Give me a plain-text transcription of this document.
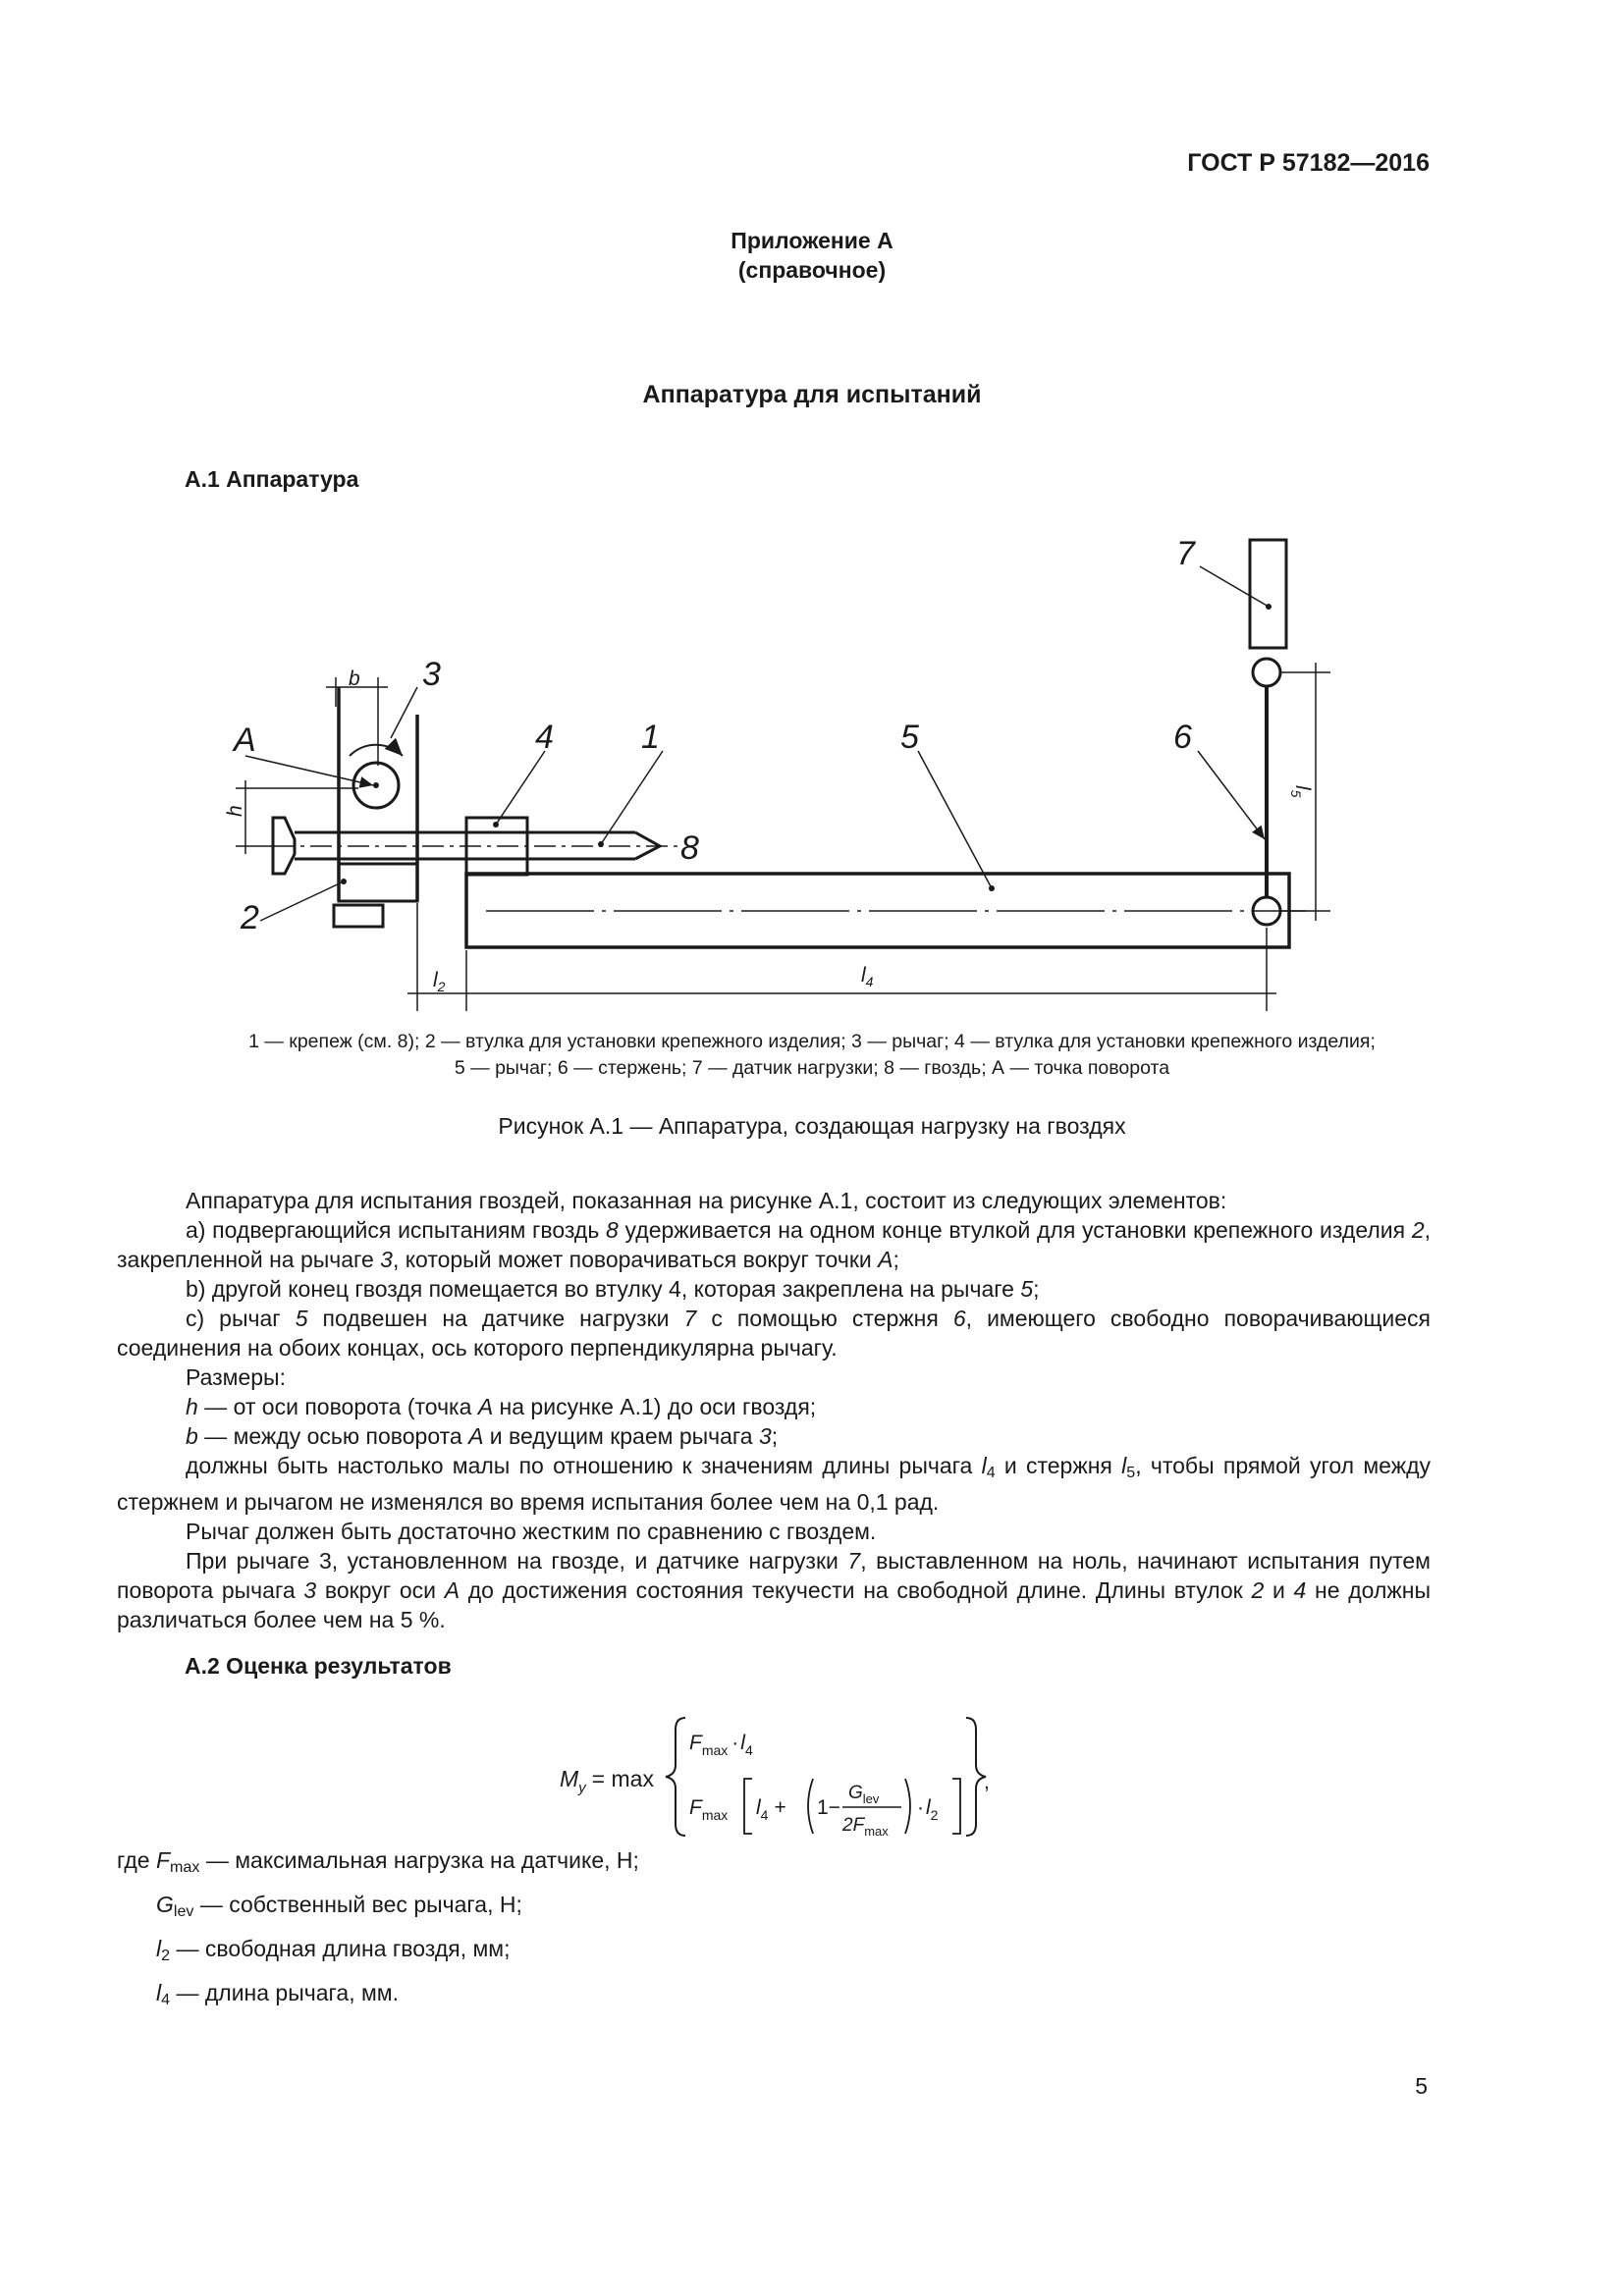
ГОСТ Р 57182—2016
Приложение А
(справочное)
Аппаратура для испытаний
А.1 Аппаратура
A
2
3
4	1	5	6
7
8
b
h
$l_2$	$l_4$
$l_5$
1 — крепеж (см. 8); 2 — втулка для установки крепежного изделия; 3 — рычаг; 4 — втулка для установки крепежного изделия;
5 — рычаг; 6 — стержень; 7 — датчик нагрузки; 8 — гвоздь; А — точка поворота
Рисунок А.1 — Аппаратура, создающая нагрузку на гвоздях

Аппаратура для испытания гвоздей, показанная на рисунке А.1, состоит из следующих элементов:

а) подвергающийся испытаниям гвоздь 8 удерживается на одном конце втулкой для установки крепежного изделия 2, закрепленной на рычаге 3, который может поворачиваться вокруг точки А;

b) другой конец гвоздя помещается во втулку 4, которая закреплена на рычаге 5;

с) рычаг 5 подвешен на датчике нагрузки 7 с помощью стержня 6, имеющего свободно поворачивающиеся соединения на обоих концах, ось которого перпендикулярна рычагу.

Размеры:

h — от оси поворота (точка А на рисунке А.1) до оси гвоздя;

b — между осью поворота А и ведущим краем рычага 3;

должны быть настолько малы по отношению к значениям длины рычага $l_4$ и стержня $l_5$, чтобы прямой угол между стержнем и рычагом не изменялся во время испытания более чем на 0,1 рад.

Рычаг должен быть достаточно жестким по сравнению с гвоздем.

При рычаге 3, установленном на гвозде, и датчике нагрузки 7, выставленном на ноль, начинают испытания путем поворота рычага 3 вокруг оси А до достижения состояния текучести на свободной длине. Длины втулок 2 и 4 не должны различаться более чем на 5 %.

А.2 Оценка результатов
$M_y = \max$
$F_{max} \cdot l_4$
$F_{max}$ $l_4 + 1-$
$G_{lev}$
$2F_{max}$
$\cdot l_2$
,
где $F_{max}$ — максимальная нагрузка на датчике, Н;
$G_{lev}$ — собственный вес рычага, Н;
$l_2$ — свободная длина гвоздя, мм;
$l_4$ — длина рычага, мм.
5
